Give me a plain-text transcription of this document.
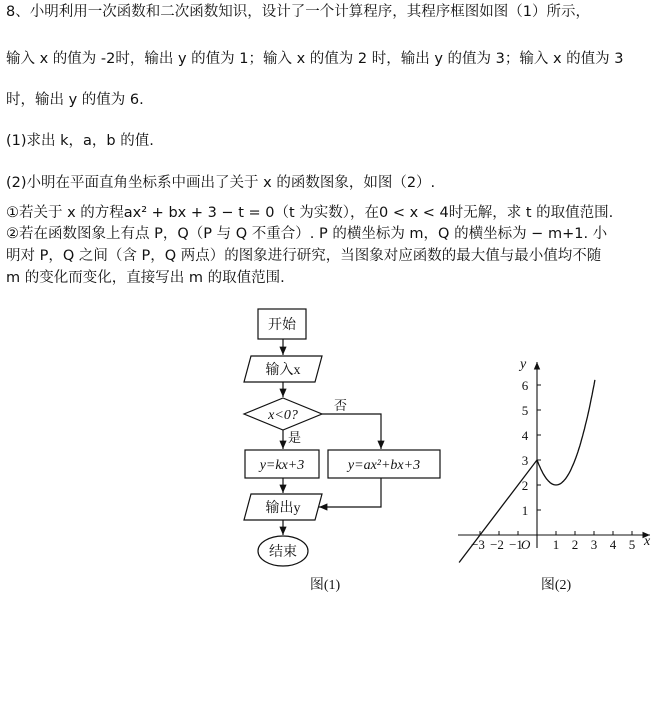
8、小明利用一次函数和二次函数知识，设计了一个计算程序，其程序框图如图（1）所示，
输入 x 的值为 -2时，输出 y 的值为 1；输入 x 的值为 2 时，输出 y 的值为 3；输入 x 的值为 3
时，输出 y 的值为 6.
(1)求出 k，a，b 的值.
(2)小明在平面直角坐标系中画出了关于 x 的函数图象，如图（2）.
①若关于 x 的方程ax² + bx + 3 − t = 0（t 为实数），在0 < x < 4时无解，求 t 的取值范围.
②若在函数图象上有点 P，Q（P 与 Q 不重合）. P 的横坐标为 m，Q 的横坐标为 − m+1. 小
明对 P，Q 之间（含 P，Q 两点）的图象进行研究，当图象对应函数的最大值与最小值均不随
m 的变化而变化，直接写出 m 的取值范围.
开始
输入x
x<0?
否
是
y=kx+3	y=ax²+bx+3
输出y
结束
图(1)
1
2
3
4
5
6
1 2 3 4 5
−3 −2 −1
y
x
O
图(2)
